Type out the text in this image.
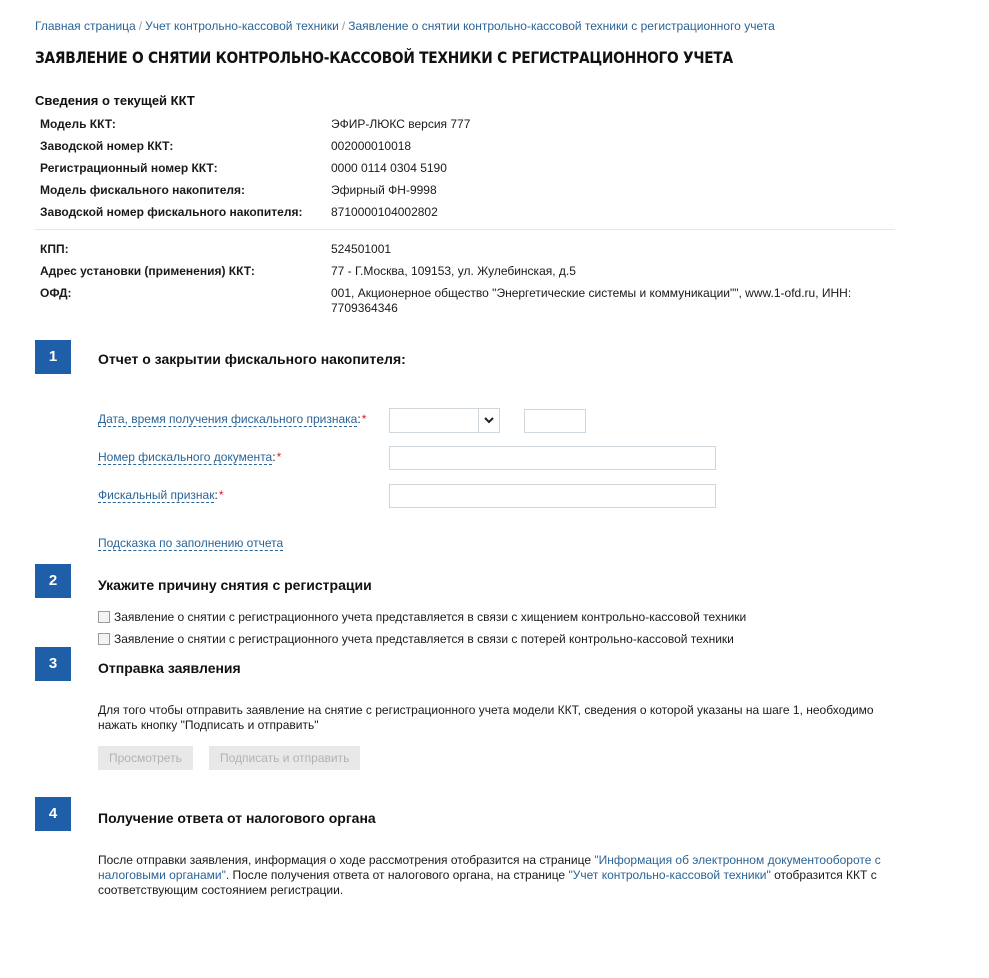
Главная страница / Учет контрольно-кассовой техники / Заявление о снятии контрольно-кассовой техники с регистрационного учета
ЗАЯВЛЕНИЕ О СНЯТИИ КОНТРОЛЬНО-КАССОВОЙ ТЕХНИКИ С РЕГИСТРАЦИОННОГО УЧЕТА
Сведения о текущей ККТ
Модель ККТ:	ЭФИР-ЛЮКС версия 777
Заводской номер ККТ:	002000010018
Регистрационный номер ККТ:	0000 0114 0304 5190
Модель фискального накопителя:	Эфирный ФН-9998
Заводской номер фискального накопителя: 8710000104002802
КПП:	524501001
Адрес установки (применения) ККТ:	77 - Г.Москва, 109153, ул. Жулебинская, д.5
ОФД:	001, Акционерное общество "Энергетические системы и коммуникации"", www.1-ofd.ru, ИНН: 7709364346
1	Отчет о закрытии фискального накопителя:
Дата, время получения фискального признака:*
Номер фискального документа:*
Фискальный признак:*
Подсказка по заполнению отчета
2	Укажите причину снятия с регистрации
Заявление о снятии с регистрационного учета представляется в связи с хищением контрольно-кассовой техники
Заявление о снятии с регистрационного учета представляется в связи с потерей контрольно-кассовой техники
3	Отправка заявления
Для того чтобы отправить заявление на снятие с регистрационного учета модели ККТ, сведения о которой указаны на шаге 1, необходимо нажать кнопку "Подписать и отправить"
Просмотреть	Подписать и отправить
4	Получение ответа от налогового органа
После отправки заявления, информация о ходе рассмотрения отобразится на странице "Информация об электронном документообороте с налоговыми органами". После получения ответа от налогового органа, на странице "Учет контрольно-кассовой техники" отобразится ККТ с соответствующим состоянием регистрации.
